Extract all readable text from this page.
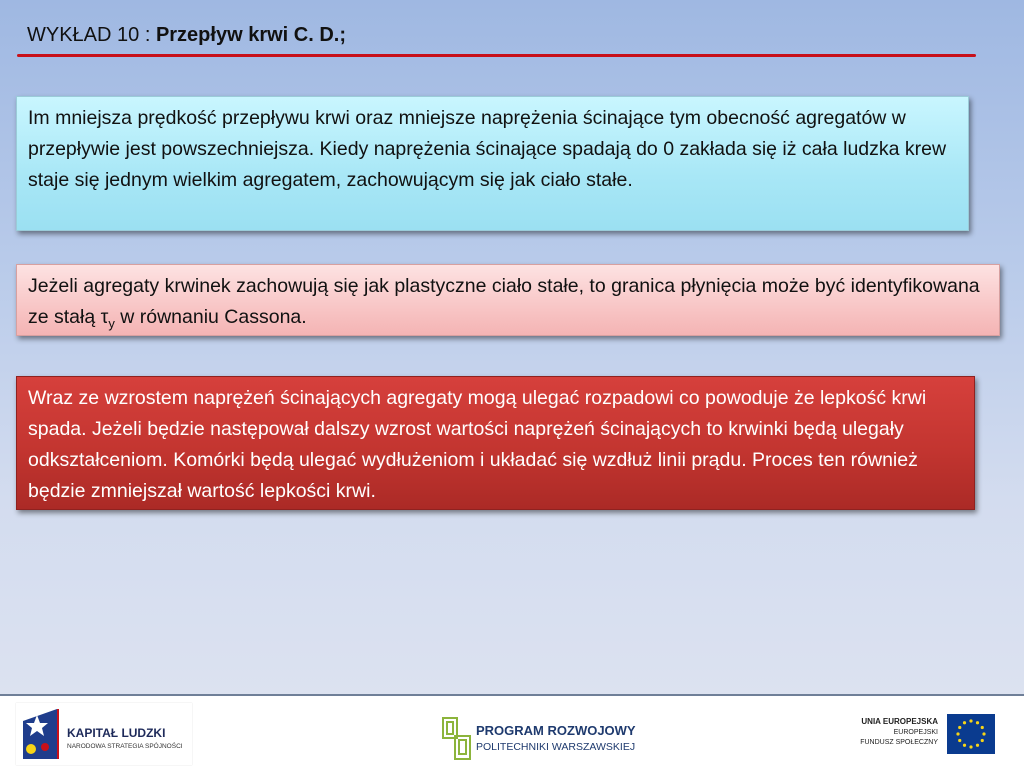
WYKŁAD 10 : Przepływ krwi C. D.;
Im mniejsza prędkość przepływu krwi oraz mniejsze naprężenia ścinające tym obecność agregatów w przepływie jest powszechniejsza. Kiedy naprężenia ścinające spadają do 0 zakłada się iż cała ludzka krew staje się jednym wielkim agregatem, zachowującym się jak ciało stałe.
Jeżeli agregaty krwinek zachowują się jak plastyczne ciało stałe, to granica płynięcia może być identyfikowana ze stałą $\tau_y$ w równaniu Cassona.
Wraz ze wzrostem naprężeń ścinających agregaty mogą ulegać rozpadowi co powoduje że lepkość krwi spada. Jeżeli będzie następował dalszy wzrost wartości naprężeń ścinających to krwinki będą ulegały odkształceniom. Komórki będą ulegać wydłużeniom i układać się wzdłuż linii prądu. Proces ten również będzie zmniejszał wartość lepkości krwi.
KAPITAŁ LUDZKI
NARODOWA STRATEGIA SPÓJNOŚCI
PROGRAM ROZWOJOWY
POLITECHNIKI WARSZAWSKIEJ
UNIA EUROPEJSKA
EUROPEJSKI
FUNDUSZ SPOŁECZNY
